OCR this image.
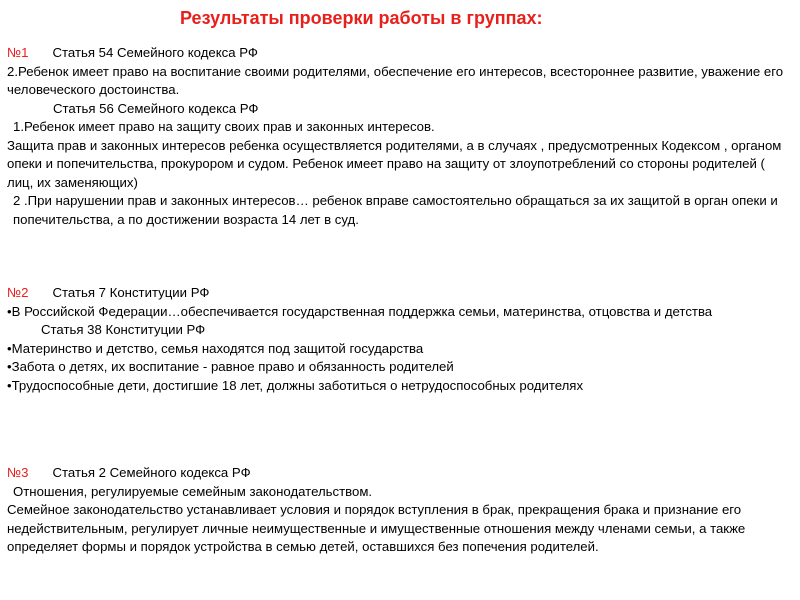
Результаты проверки работы в группах:
№1 Статья 54 Семейного кодекса РФ
2.Ребенок имеет право на воспитание своими родителями, обеспечение его интересов, всестороннее развитие, уважение его человеческого достоинства.
Статья 56 Семейного кодекса РФ
1.Ребенок имеет право на защиту своих прав и законных интересов.
Защита прав и законных интересов ребенка осуществляется родителями, а в случаях , предусмотренных Кодексом , органом опеки и попечительства, прокурором и судом. Ребенок имеет право на защиту от злоупотреблений со стороны родителей ( лиц, их заменяющих)
2 .При нарушении прав и законных интересов… ребенок вправе самостоятельно обращаться за их защитой в орган опеки и попечительства, а по достижении возраста 14 лет в суд.
№2 Статья 7 Конституции РФ
•В Российской Федерации…обеспечивается государственная поддержка семьи, материнства, отцовства и детства
Статья 38 Конституции РФ
•Материнство и детство, семья находятся под защитой государства
•Забота о детях, их воспитание - равное право и обязанность родителей
•Трудоспособные дети, достигшие 18 лет, должны заботиться о нетрудоспособных родителях
№3 Статья 2 Семейного кодекса РФ
Отношения, регулируемые семейным законодательством.
Семейное законодательство устанавливает условия и порядок вступления в брак, прекращения брака и признание его недействительным, регулирует личные неимущественные и имущественные отношения между членами семьи, а также определяет формы и порядок устройства в семью детей, оставшихся без попечения родителей.
